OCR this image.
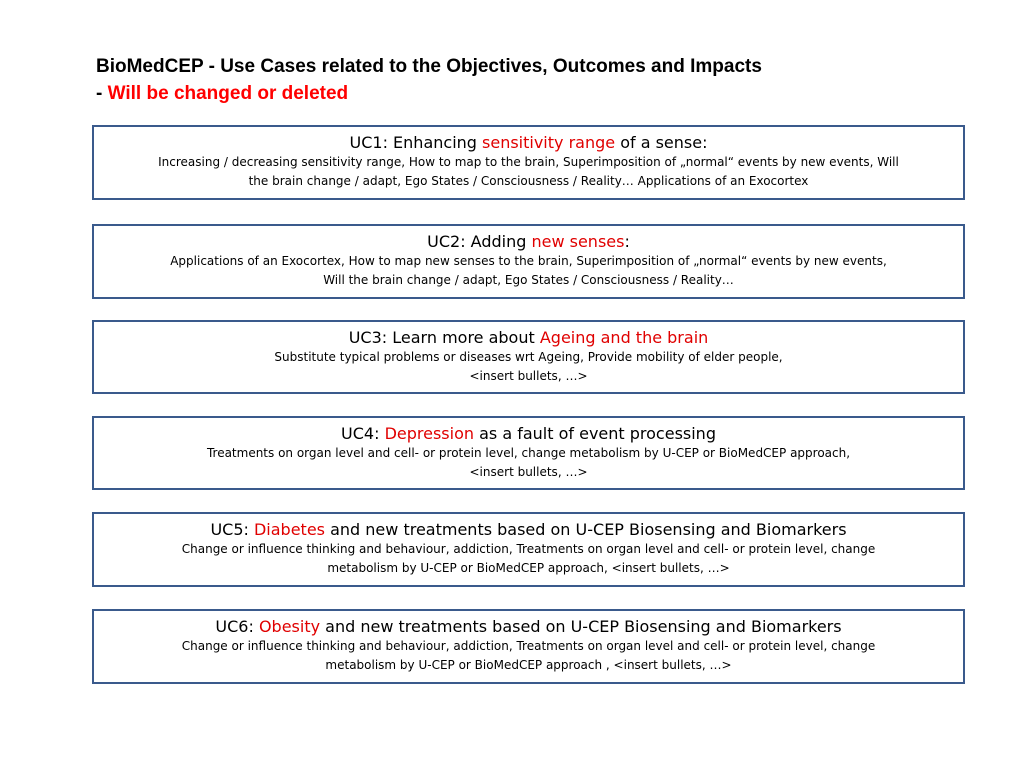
BioMedCEP - Use Cases related to the Objectives, Outcomes and Impacts
- Will be changed or deleted
UC1: Enhancing sensitivity range of a sense:
Increasing / decreasing sensitivity range, How to map to the brain, Superimposition of „normal“ events by new events, Will
the brain change / adapt, Ego States / Consciousness / Reality… Applications of an Exocortex
UC2: Adding new senses:
Applications of an Exocortex, How to map new senses to the brain, Superimposition of „normal“ events by new events,
Will the brain change / adapt, Ego States / Consciousness / Reality…
UC3: Learn more about Ageing and the brain
Substitute typical problems or diseases wrt Ageing, Provide mobility of elder people,
<insert bullets, …>
UC4: Depression as a fault of event processing
Treatments on organ level and cell- or protein level, change metabolism by U-CEP or BioMedCEP approach,
<insert bullets, …>
UC5: Diabetes and new treatments based on U-CEP Biosensing and Biomarkers
Change or influence thinking and behaviour, addiction, Treatments on organ level and cell- or protein level, change
metabolism by U-CEP or BioMedCEP approach, <insert bullets, …>
UC6: Obesity and new treatments based on U-CEP Biosensing and Biomarkers
Change or influence thinking and behaviour, addiction, Treatments on organ level and cell- or protein level, change
metabolism by U-CEP or BioMedCEP approach , <insert bullets, …>
